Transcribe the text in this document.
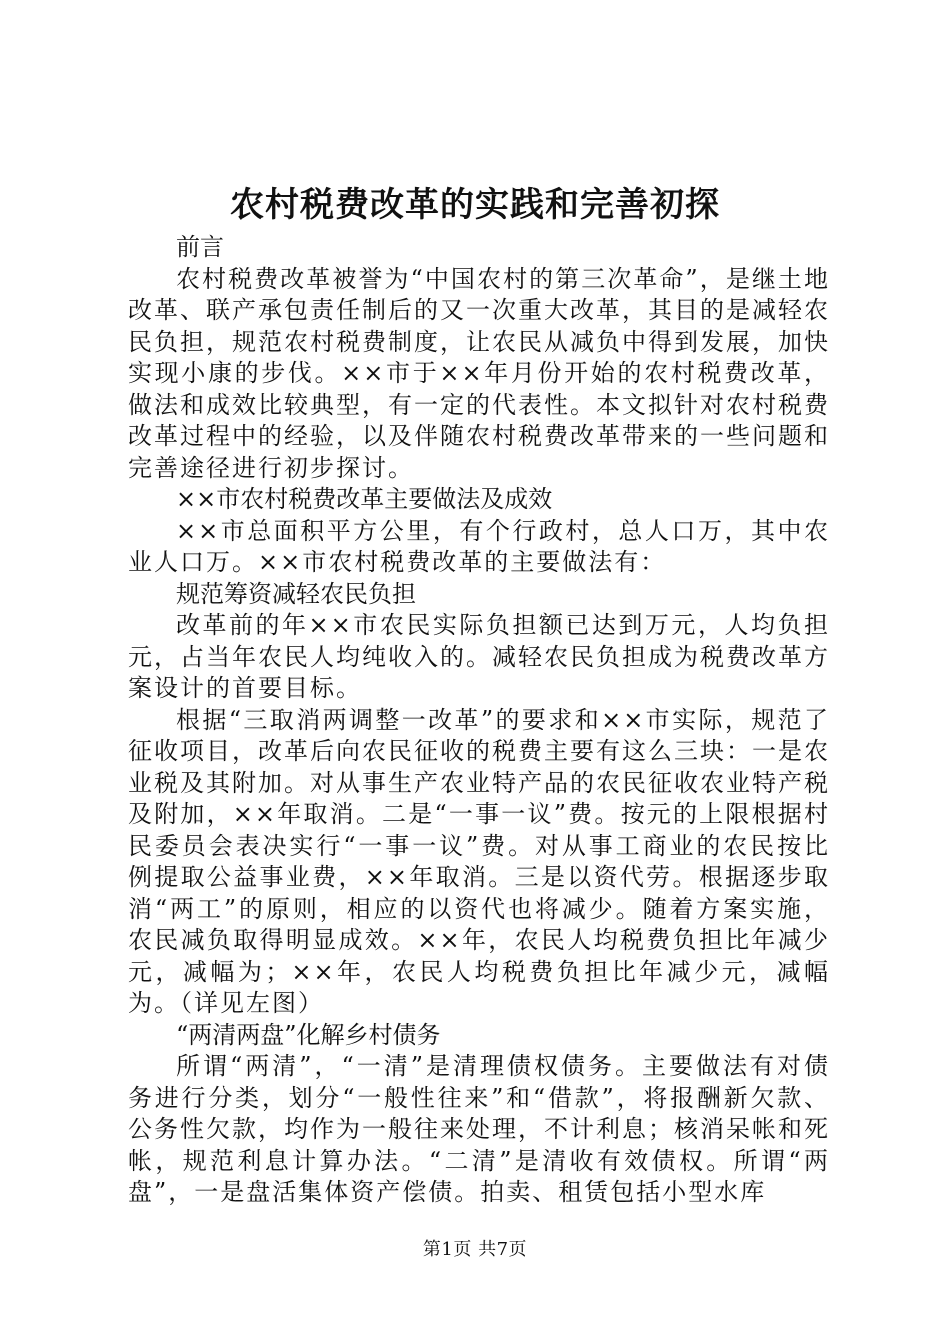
农村税费改革的实践和完善初探

前言

农村税费改革被誉为“中国农村的第三次革命”，是继土地改革、联产承包责任制后的又一次重大改革，其目的是减轻农民负担，规范农村税费制度，让农民从减负中得到发展，加快实现小康的步伐。××市于××年月份开始的农村税费改革，做法和成效比较典型，有一定的代表性。本文拟针对农村税费改革过程中的经验，以及伴随农村税费改革带来的一些问题和完善途径进行初步探讨。

××市农村税费改革主要做法及成效

××市总面积平方公里，有个行政村，总人口万，其中农业人口万。××市农村税费改革的主要做法有：

规范筹资减轻农民负担

改革前的年××市农民实际负担额已达到万元，人均负担元，占当年农民人均纯收入的。减轻农民负担成为税费改革方案设计的首要目标。

根据“三取消两调整一改革”的要求和××市实际，规范了征收项目，改革后向农民征收的税费主要有这么三块：一是农业税及其附加。对从事生产农业特产品的农民征收农业特产税及附加，××年取消。二是“一事一议”费。按元的上限根据村民委员会表决实行“一事一议”费。对从事工商业的农民按比例提取公益事业费，××年取消。三是以资代劳。根据逐步取消“两工”的原则，相应的以资代也将减少。随着方案实施，农民减负取得明显成效。××年，农民人均税费负担比年减少元，减幅为；××年，农民人均税费负担比年减少元，减幅为。（详见左图）

“两清两盘”化解乡村债务

所谓“两清”，“一清”是清理债权债务。主要做法有对债务进行分类，划分“一般性往来”和“借款”，将报酬新欠款、公务性欠款，均作为一般往来处理，不计利息；核消呆帐和死帐，规范利息计算办法。“二清”是清收有效债权。所谓“两盘”，一是盘活集体资产偿债。拍卖、租赁包括小型水库

第1页 共7页
